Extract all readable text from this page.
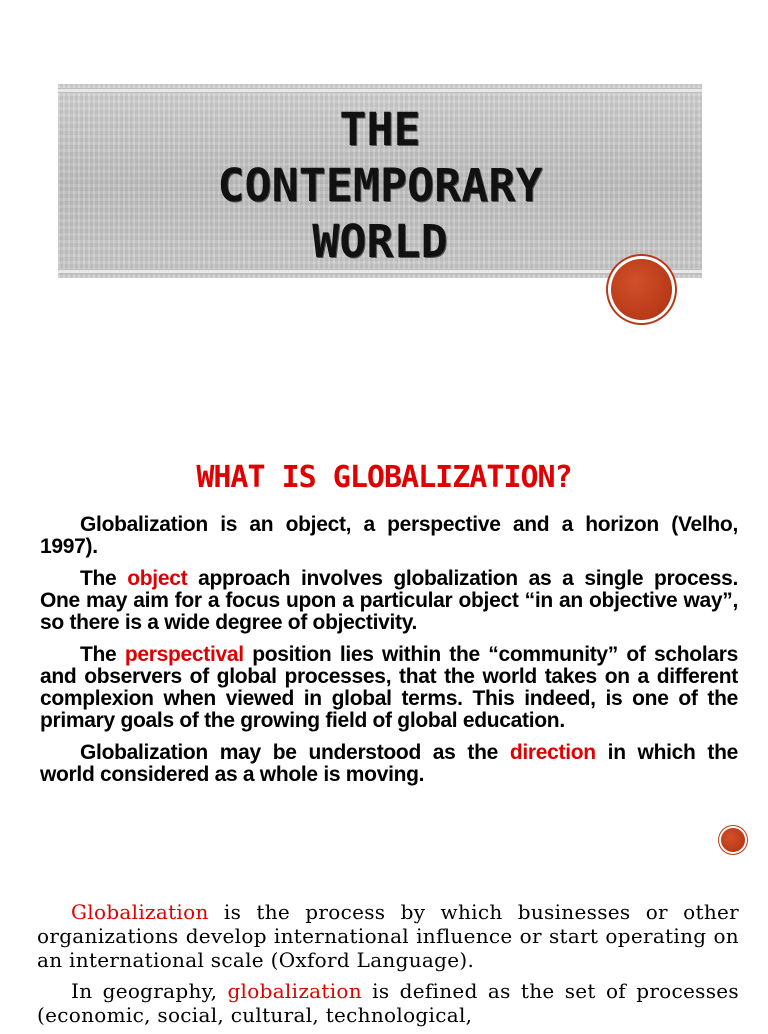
THE
CONTEMPORARY
WORLD
WHAT IS GLOBALIZATION?

Globalization is an object, a perspective and a horizon (Velho, 1997).

The object approach involves globalization as a single process. One may aim for a focus upon a particular object “in an objective way”, so there is a wide degree of objectivity.

The perspectival position lies within the “community” of scholars and observers of global processes, that the world takes on a different complexion when viewed in global terms. This indeed, is one of the primary goals of the growing field of global education.

Globalization may be understood as the direction in which the world considered as a whole is moving.

Globalization is the process by which businesses or other organizations develop international influence or start operating on an international scale (Oxford Language).

In geography, globalization is defined as the set of processes (economic, social, cultural, technological,
